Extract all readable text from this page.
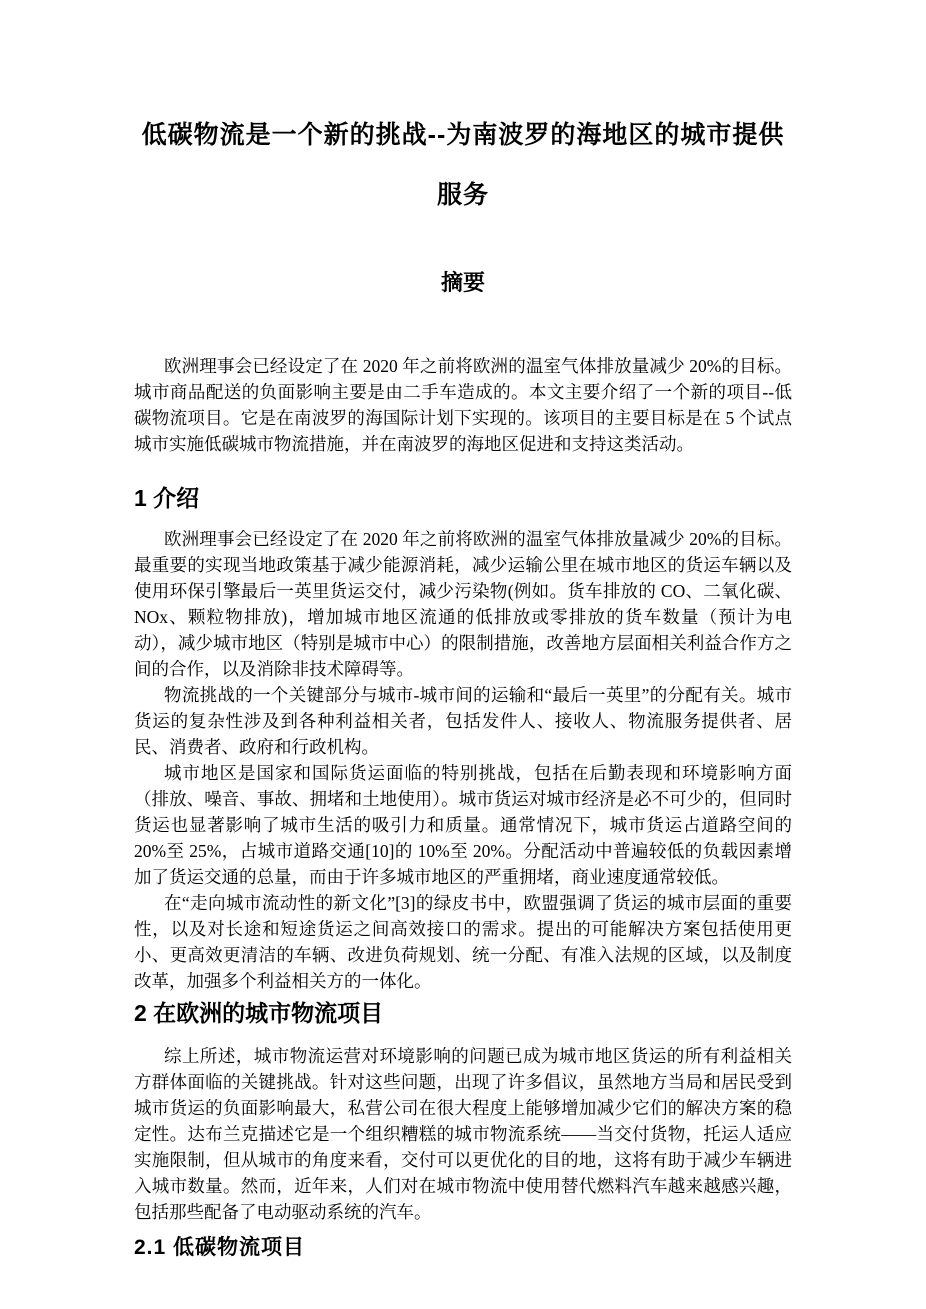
低碳物流是一个新的挑战--为南波罗的海地区的城市提供
服务
摘要

欧洲理事会已经设定了在 2020 年之前将欧洲的温室气体排放量减少 20%的目标。城市商品配送的负面影响主要是由二手车造成的。本文主要介绍了一个新的项目--低碳物流项目。它是在南波罗的海国际计划下实现的。该项目的主要目标是在 5 个试点城市实施低碳城市物流措施，并在南波罗的海地区促进和支持这类活动。

1 介绍

欧洲理事会已经设定了在 2020 年之前将欧洲的温室气体排放量减少 20%的目标。最重要的实现当地政策基于减少能源消耗，减少运输公里在城市地区的货运车辆以及使用环保引擎最后一英里货运交付，减少污染物(例如。货车排放的 CO、二氧化碳、NOx、颗粒物排放)，增加城市地区流通的低排放或零排放的货车数量（预计为电动），减少城市地区（特别是城市中心）的限制措施，改善地方层面相关利益合作方之间的合作，以及消除非技术障碍等。

物流挑战的一个关键部分与城市-城市间的运输和“最后一英里”的分配有关。城市货运的复杂性涉及到各种利益相关者，包括发件人、接收人、物流服务提供者、居民、消费者、政府和行政机构。

城市地区是国家和国际货运面临的特别挑战，包括在后勤表现和环境影响方面（排放、噪音、事故、拥堵和土地使用）。城市货运对城市经济是必不可少的，但同时货运也显著影响了城市生活的吸引力和质量。通常情况下，城市货运占道路空间的 20%至 25%，占城市道路交通[10]的 10%至 20%。分配活动中普遍较低的负载因素增加了货运交通的总量，而由于许多城市地区的严重拥堵，商业速度通常较低。

在“走向城市流动性的新文化”[3]的绿皮书中，欧盟强调了货运的城市层面的重要性，以及对长途和短途货运之间高效接口的需求。提出的可能解决方案包括使用更小、更高效更清洁的车辆、改进负荷规划、统一分配、有准入法规的区域，以及制度改革，加强多个利益相关方的一体化。

2 在欧洲的城市物流项目

综上所述，城市物流运营对环境影响的问题已成为城市地区货运的所有利益相关方群体面临的关键挑战。针对这些问题，出现了许多倡议，虽然地方当局和居民受到城市货运的负面影响最大，私营公司在很大程度上能够增加减少它们的解决方案的稳定性。达布兰克描述它是一个组织糟糕的城市物流系统——当交付货物，托运人适应实施限制，但从城市的角度来看，交付可以更优化的目的地，这将有助于减少车辆进入城市数量。然而，近年来，人们对在城市物流中使用替代燃料汽车越来越感兴趣，包括那些配备了电动驱动系统的汽车。

2.1 低碳物流项目
